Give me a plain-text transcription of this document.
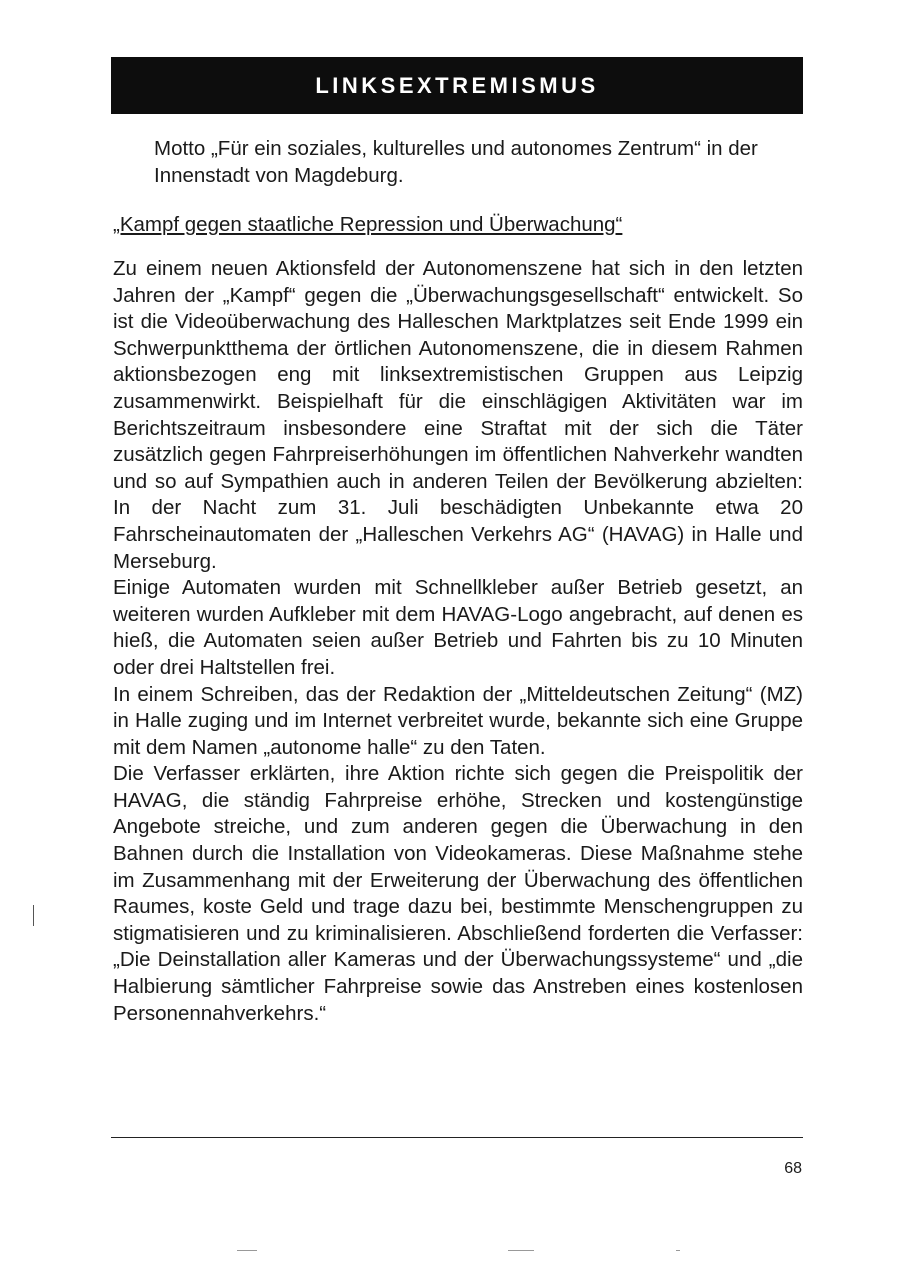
LINKSEXTREMISMUS
Motto „Für ein soziales, kulturelles und autonomes Zentrum“ in der Innenstadt von Magdeburg.
„Kampf gegen staatliche Repression und Überwachung“

Zu einem neuen Aktionsfeld der Autonomenszene hat sich in den letzten Jahren der „Kampf“ gegen die „Überwachungsgesellschaft“ entwickelt. So ist die Videoüberwachung des Halleschen Marktplatzes seit Ende 1999 ein Schwerpunktthema der örtlichen Autonomenszene, die in diesem Rahmen aktionsbezogen eng mit linksextremistischen Gruppen aus Leipzig zusammenwirkt. Beispielhaft für die einschlägigen Aktivitäten war im Berichtszeitraum insbesondere eine Straftat mit der sich die Täter zusätzlich gegen Fahrpreiserhöhungen im öffentlichen Nahverkehr wandten und so auf Sympathien auch in anderen Teilen der Bevölkerung abzielten: In der Nacht zum 31. Juli beschädigten Unbekannte etwa 20 Fahrscheinautomaten der „Halleschen Verkehrs AG“ (HAVAG) in Halle und Merseburg.

Einige Automaten wurden mit Schnellkleber außer Betrieb gesetzt, an weiteren wurden Aufkleber mit dem HAVAG-Logo angebracht, auf denen es hieß, die Automaten seien außer Betrieb und Fahrten bis zu 10 Minuten oder drei Haltstellen frei.

In einem Schreiben, das der Redaktion der „Mitteldeutschen Zeitung“ (MZ) in Halle zuging und im Internet verbreitet wurde, bekannte sich eine Gruppe mit dem Namen „autonome halle“ zu den Taten.

Die Verfasser erklärten, ihre Aktion richte sich gegen die Preispolitik der HAVAG, die ständig Fahrpreise erhöhe, Strecken und kostengünstige Angebote streiche, und zum anderen gegen die Überwachung in den Bahnen durch die Installation von Videokameras. Diese Maßnahme stehe im Zusammenhang mit der Erweiterung der Überwachung des öffentlichen Raumes, koste Geld und trage dazu bei, bestimmte Menschengruppen zu stigmatisieren und zu kriminalisieren. Abschließend forderten die Verfasser: „Die Deinstallation aller Kameras und der Überwachungssysteme“ und „die Halbierung sämtlicher Fahrpreise sowie das Anstreben eines kostenlosen Personennahverkehrs.“

68
